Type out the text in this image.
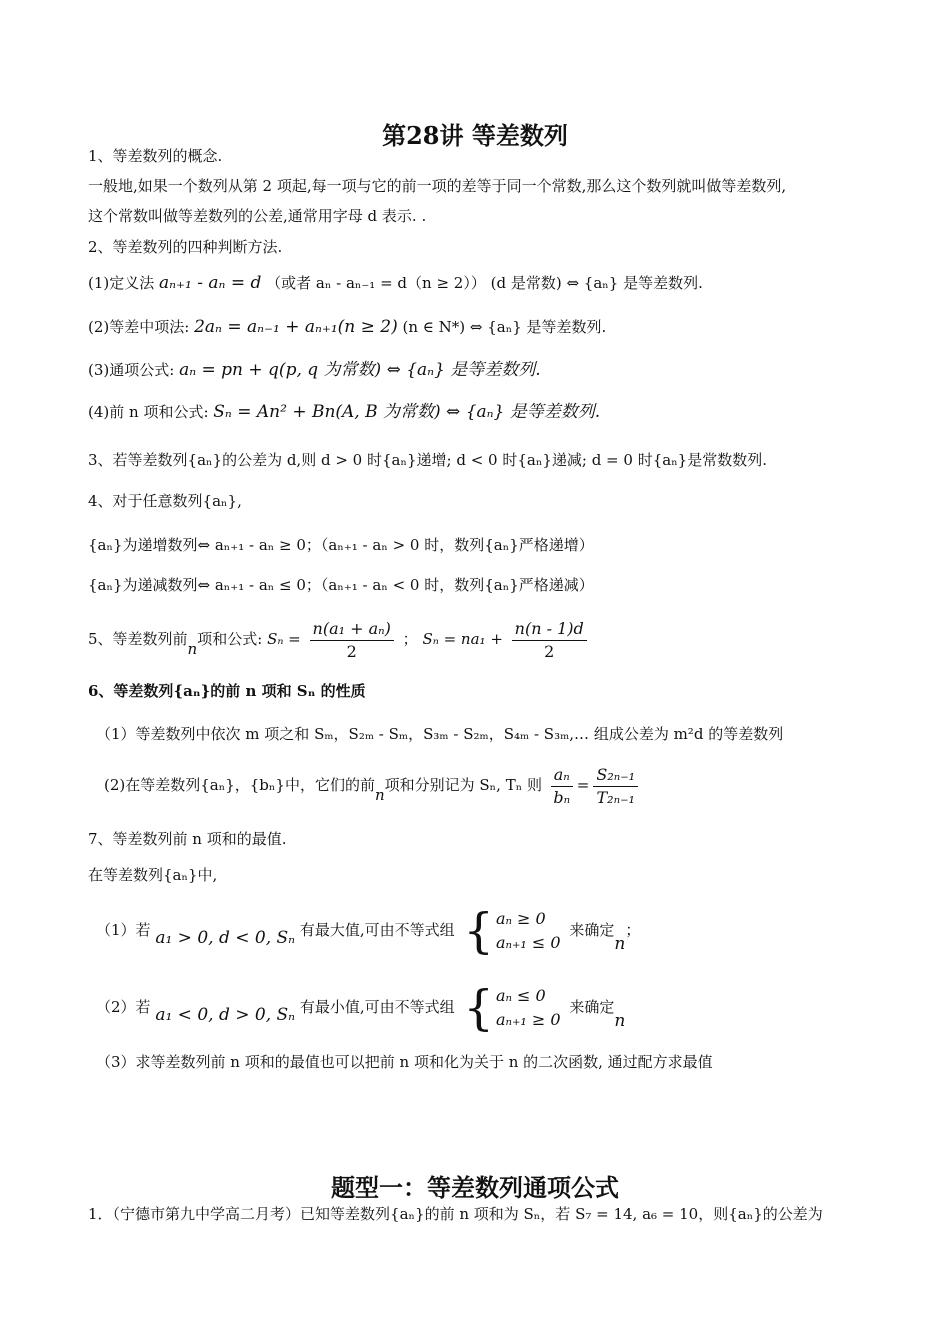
第28讲 等差数列
1、等差数列的概念.
一般地,如果一个数列从第 2 项起,每一项与它的前一项的差等于同一个常数,那么这个数列就叫做等差数列,
这个常数叫做等差数列的公差,通常用字母 d 表示. .
2、等差数列的四种判断方法.
(1)定义法 aₙ₊₁ - aₙ = d （或者 aₙ - aₙ₋₁ = d（n ≥ 2）） (d 是常数) ⇔ {aₙ} 是等差数列.
(2)等差中项法: 2aₙ = aₙ₋₁ + aₙ₊₁(n ≥ 2) (n ∈ N*) ⇔ {aₙ} 是等差数列.
(3)通项公式: aₙ = pn + q(p, q 为常数) ⇔ {aₙ} 是等差数列.
(4)前 n 项和公式: Sₙ = An² + Bn(A, B 为常数) ⇔ {aₙ} 是等差数列.
3、若等差数列{aₙ}的公差为 d,则 d > 0 时{aₙ}递增; d < 0 时{aₙ}递减; d = 0 时{aₙ}是常数数列.
4、对于任意数列{aₙ},
{aₙ}为递增数列⇔ aₙ₊₁ - aₙ ≥ 0；（aₙ₊₁ - aₙ > 0 时，数列{aₙ}严格递增）
{aₙ}为递减数列⇔ aₙ₊₁ - aₙ ≤ 0；（aₙ₊₁ - aₙ < 0 时，数列{aₙ}严格递减）
5、等差数列前n项和公式: $S_n = \frac{\text{n(a₁ + aₙ)}}{2}$ ； $S_n = na_1 + \frac{n(n - 1)d}{2}$
6、等差数列{aₙ}的前 n 项和 Sₙ 的性质
（1）等差数列中依次 m 项之和 Sₘ，S₂ₘ - Sₘ，S₃ₘ - S₂ₘ，S₄ₘ - S₃ₘ,… 组成公差为 m²d 的等差数列
(2)在等差数列{aₙ}，{bₙ}中，它们的前n项和分别记为 Sₙ, Tₙ 则 $\frac{\text{aₙ}}{\text{bₙ}} = \frac{\text{S₂ₙ₋₁}}{\text{T₂ₙ₋₁}}$
7、等差数列前 n 项和的最值.
在等差数列{aₙ}中,
（1）若 a₁ > 0, d < 0, Sₙ 有最大值,可由不等式组 { aₙ ≥ 0
aₙ₊₁ ≤ 0
来确定n；
（2）若 a₁ < 0, d > 0, Sₙ 有最小值,可由不等式组 { aₙ ≤ 0
aₙ₊₁ ≥ 0
来确定n
（3）求等差数列前 n 项和的最值也可以把前 n 项和化为关于 n 的二次函数, 通过配方求最值
题型一：等差数列通项公式
1．（宁德市第九中学高二月考）已知等差数列{aₙ}的前 n 项和为 Sₙ，若 S₇ = 14, a₆ = 10，则{aₙ}的公差为
